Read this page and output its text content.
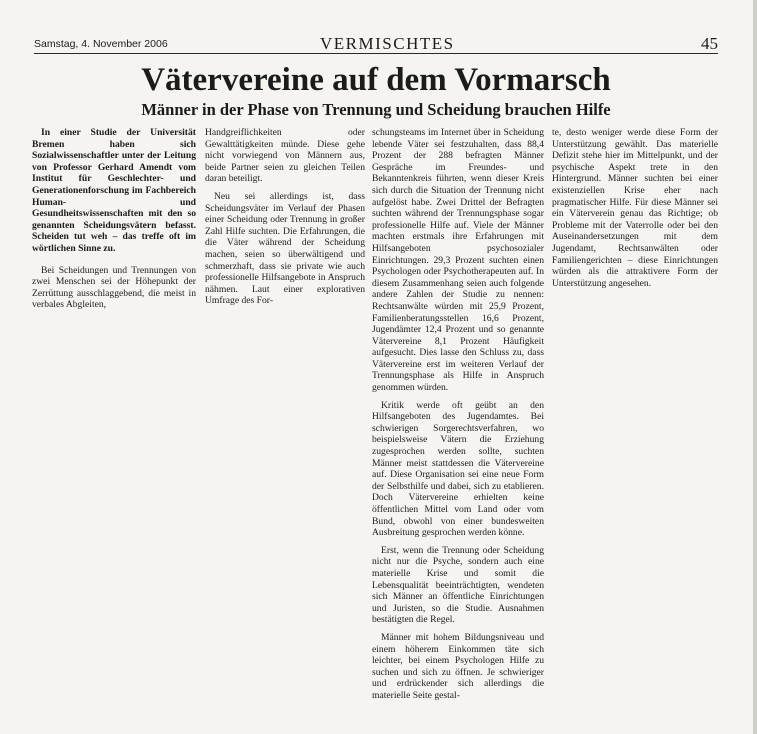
Samstag, 4. November 2006	VERMISCHTES	45
Vätervereine auf dem Vormarsch
Männer in der Phase von Trennung und Scheidung brauchen Hilfe

In einer Studie der Universität Bremen haben sich Sozialwissenschaftler unter der Leitung von Professor Gerhard Amendt vom Institut für Geschlechter- und Generationenforschung im Fachbereich Human- und Gesundheitswissenschaften mit den so genannten Scheidungsvätern befasst. Scheiden tut weh – das treffe oft im wörtlichen Sinne zu.

Bei Scheidungen und Trennungen von zwei Menschen sei der Höhepunkt der Zerrüttung ausschlaggebend, die meist in verbales Abgleiten,

Handgreiflichkeiten oder Gewalttätigkeiten münde. Diese gehe nicht vorwiegend von Männern aus, beide Partner seien zu gleichen Teilen daran beteiligt.

Neu sei allerdings ist, dass Scheidungsväter im Verlauf der Phasen einer Scheidung oder Trennung in großer Zahl Hilfe suchten. Die Erfahrungen, die die Väter während der Scheidung machen, seien so überwältigend und schmerzhaft, dass sie private wie auch professionelle Hilfsangebote in Anspruch nähmen. Laut einer explorativen Umfrage des For-

schungsteams im Internet über in Scheidung lebende Väter sei festzuhalten, dass 88,4 Prozent der 288 befragten Männer Gespräche im Freundes- und Bekanntenkreis führten, wenn dieser Kreis sich durch die Situation der Trennung nicht aufgelöst habe. Zwei Drittel der Befragten suchten während der Trennungsphase sogar professionelle Hilfe auf. Viele der Männer machten erstmals ihre Erfahrungen mit Hilfsangeboten psychosozialer Einrichtungen. 29,3 Prozent suchten einen Psychologen oder Psychotherapeuten auf. In diesem Zusammenhang seien auch folgende andere Zahlen der Studie zu nennen: Rechtsanwälte würden mit 25,9 Prozent, Familienberatungsstellen 16,6 Prozent, Jugendämter 12,4 Prozent und so genannte Vätervereine 8,1 Prozent Häufigkeit aufgesucht. Dies lasse den Schluss zu, dass Vätervereine erst im weiteren Verlauf der Trennungsphase als Hilfe in Anspruch genommen würden.

Kritik werde oft geübt an den Hilfsangeboten des Jugendamtes. Bei schwierigen Sorgerechtsverfahren, wo beispielsweise Vätern die Erziehung zugesprochen werden sollte, suchten Männer meist stattdessen die Vätervereine auf. Diese Organisation sei eine neue Form der Selbsthilfe und dabei, sich zu etablieren. Doch Vätervereine erhielten keine öffentlichen Mittel vom Land oder vom Bund, obwohl von einer bundesweiten Ausbreitung gesprochen werden könne.

Erst, wenn die Trennung oder Scheidung nicht nur die Psyche, sondern auch eine materielle Krise und somit die Lebensqualität beeinträchtigten, wendeten sich Männer an öffentliche Einrichtungen und Juristen, so die Studie. Ausnahmen bestätigten die Regel.

Männer mit hohem Bildungsniveau und einem höherem Einkommen täte sich leichter, bei einem Psychologen Hilfe zu suchen und sich zu öffnen. Je schwieriger und erdrückender sich allerdings die materielle Seite gestal-

te, desto weniger werde diese Form der Unterstützung gewählt. Das materielle Defizit stehe hier im Mittelpunkt, und der psychische Aspekt trete in den Hintergrund. Männer suchten bei einer existenziellen Krise eher nach pragmatischer Hilfe. Für diese Männer sei ein Väterverein genau das Richtige; ob Probleme mit der Vaterrolle oder bei den Auseinandersetzungen mit dem Jugendamt, Rechtsanwälten oder Familiengerichten – diese Einrichtungen würden als die attraktivere Form der Unterstützung angesehen.
